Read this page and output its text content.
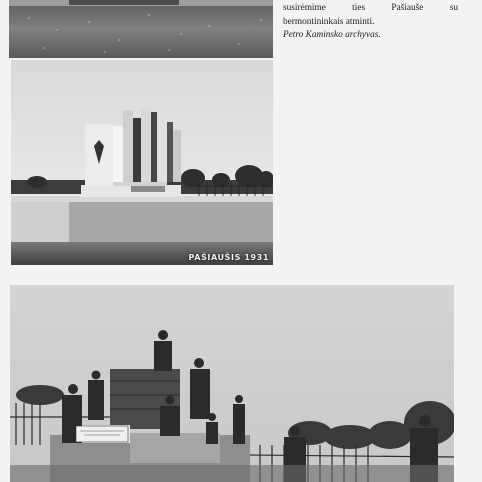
susirėmime ties Pašiauše su
bermontininkais atminti.
Petro Kaminsko archyvas.
PAŠIAUŠIS 1931
